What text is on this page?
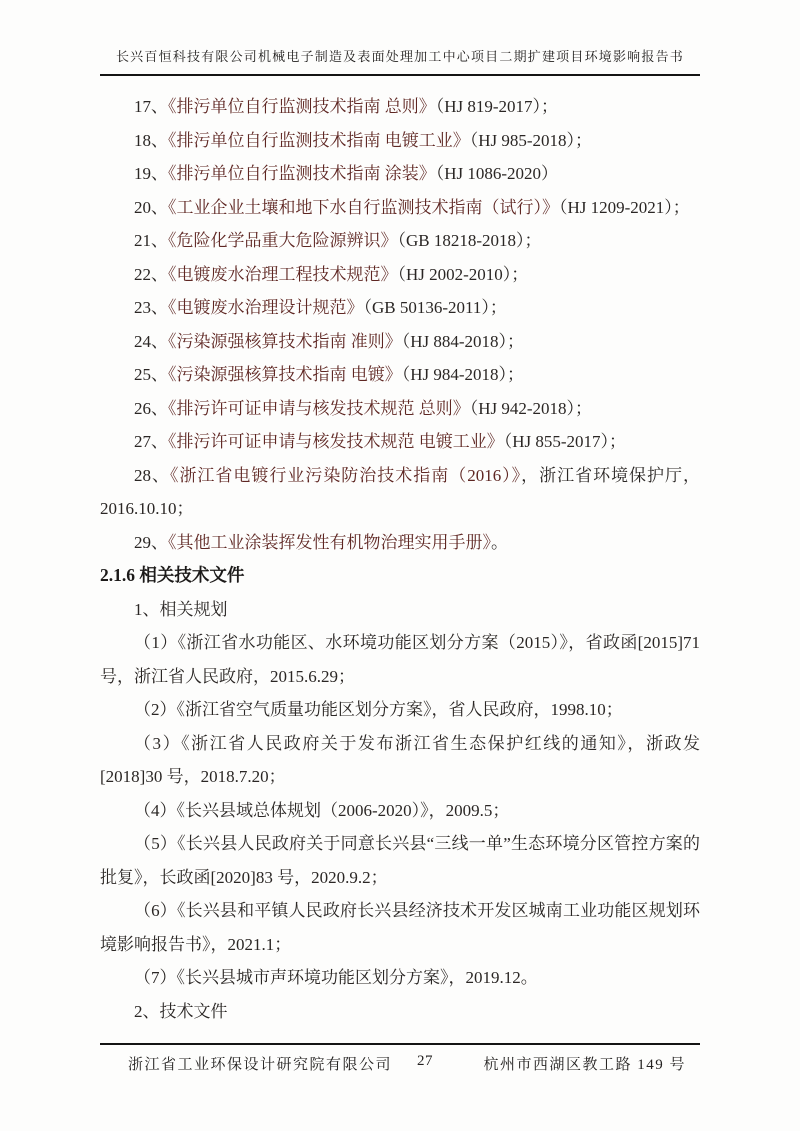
长兴百恒科技有限公司机械电子制造及表面处理加工中心项目二期扩建项目环境影响报告书

17、《排污单位自行监测技术指南 总则》（HJ 819-2017）；

18、《排污单位自行监测技术指南 电镀工业》（HJ 985-2018）；

19、《排污单位自行监测技术指南 涂装》（HJ 1086-2020）

20、《工业企业土壤和地下水自行监测技术指南（试行）》（HJ 1209-2021）；

21、《危险化学品重大危险源辨识》（GB 18218-2018）；

22、《电镀废水治理工程技术规范》（HJ 2002-2010）；

23、《电镀废水治理设计规范》（GB 50136-2011）；

24、《污染源强核算技术指南 准则》（HJ 884-2018）；

25、《污染源强核算技术指南 电镀》（HJ 984-2018）；

26、《排污许可证申请与核发技术规范 总则》（HJ 942-2018）；

27、《排污许可证申请与核发技术规范 电镀工业》（HJ 855-2017）；

28、《浙江省电镀行业污染防治技术指南（2016）》，浙江省环境保护厅，2016.10.10；

29、《其他工业涂装挥发性有机物治理实用手册》。

2.1.6 相关技术文件

1、相关规划

（1）《浙江省水功能区、水环境功能区划分方案（2015）》，省政函[2015]71 号，浙江省人民政府，2015.6.29；

（2）《浙江省空气质量功能区划分方案》，省人民政府，1998.10；

（3）《浙江省人民政府关于发布浙江省生态保护红线的通知》，浙政发[2018]30 号，2018.7.20；

（4）《长兴县域总体规划（2006-2020）》，2009.5；

（5）《长兴县人民政府关于同意长兴县“三线一单”生态环境分区管控方案的批复》，长政函[2020]83 号，2020.9.2；

（6）《长兴县和平镇人民政府长兴县经济技术开发区城南工业功能区规划环境影响报告书》，2021.1；

（7）《长兴县城市声环境功能区划分方案》，2019.12。

2、技术文件

浙江省工业环保设计研究院有限公司 27	杭州市西湖区教工路 149 号
